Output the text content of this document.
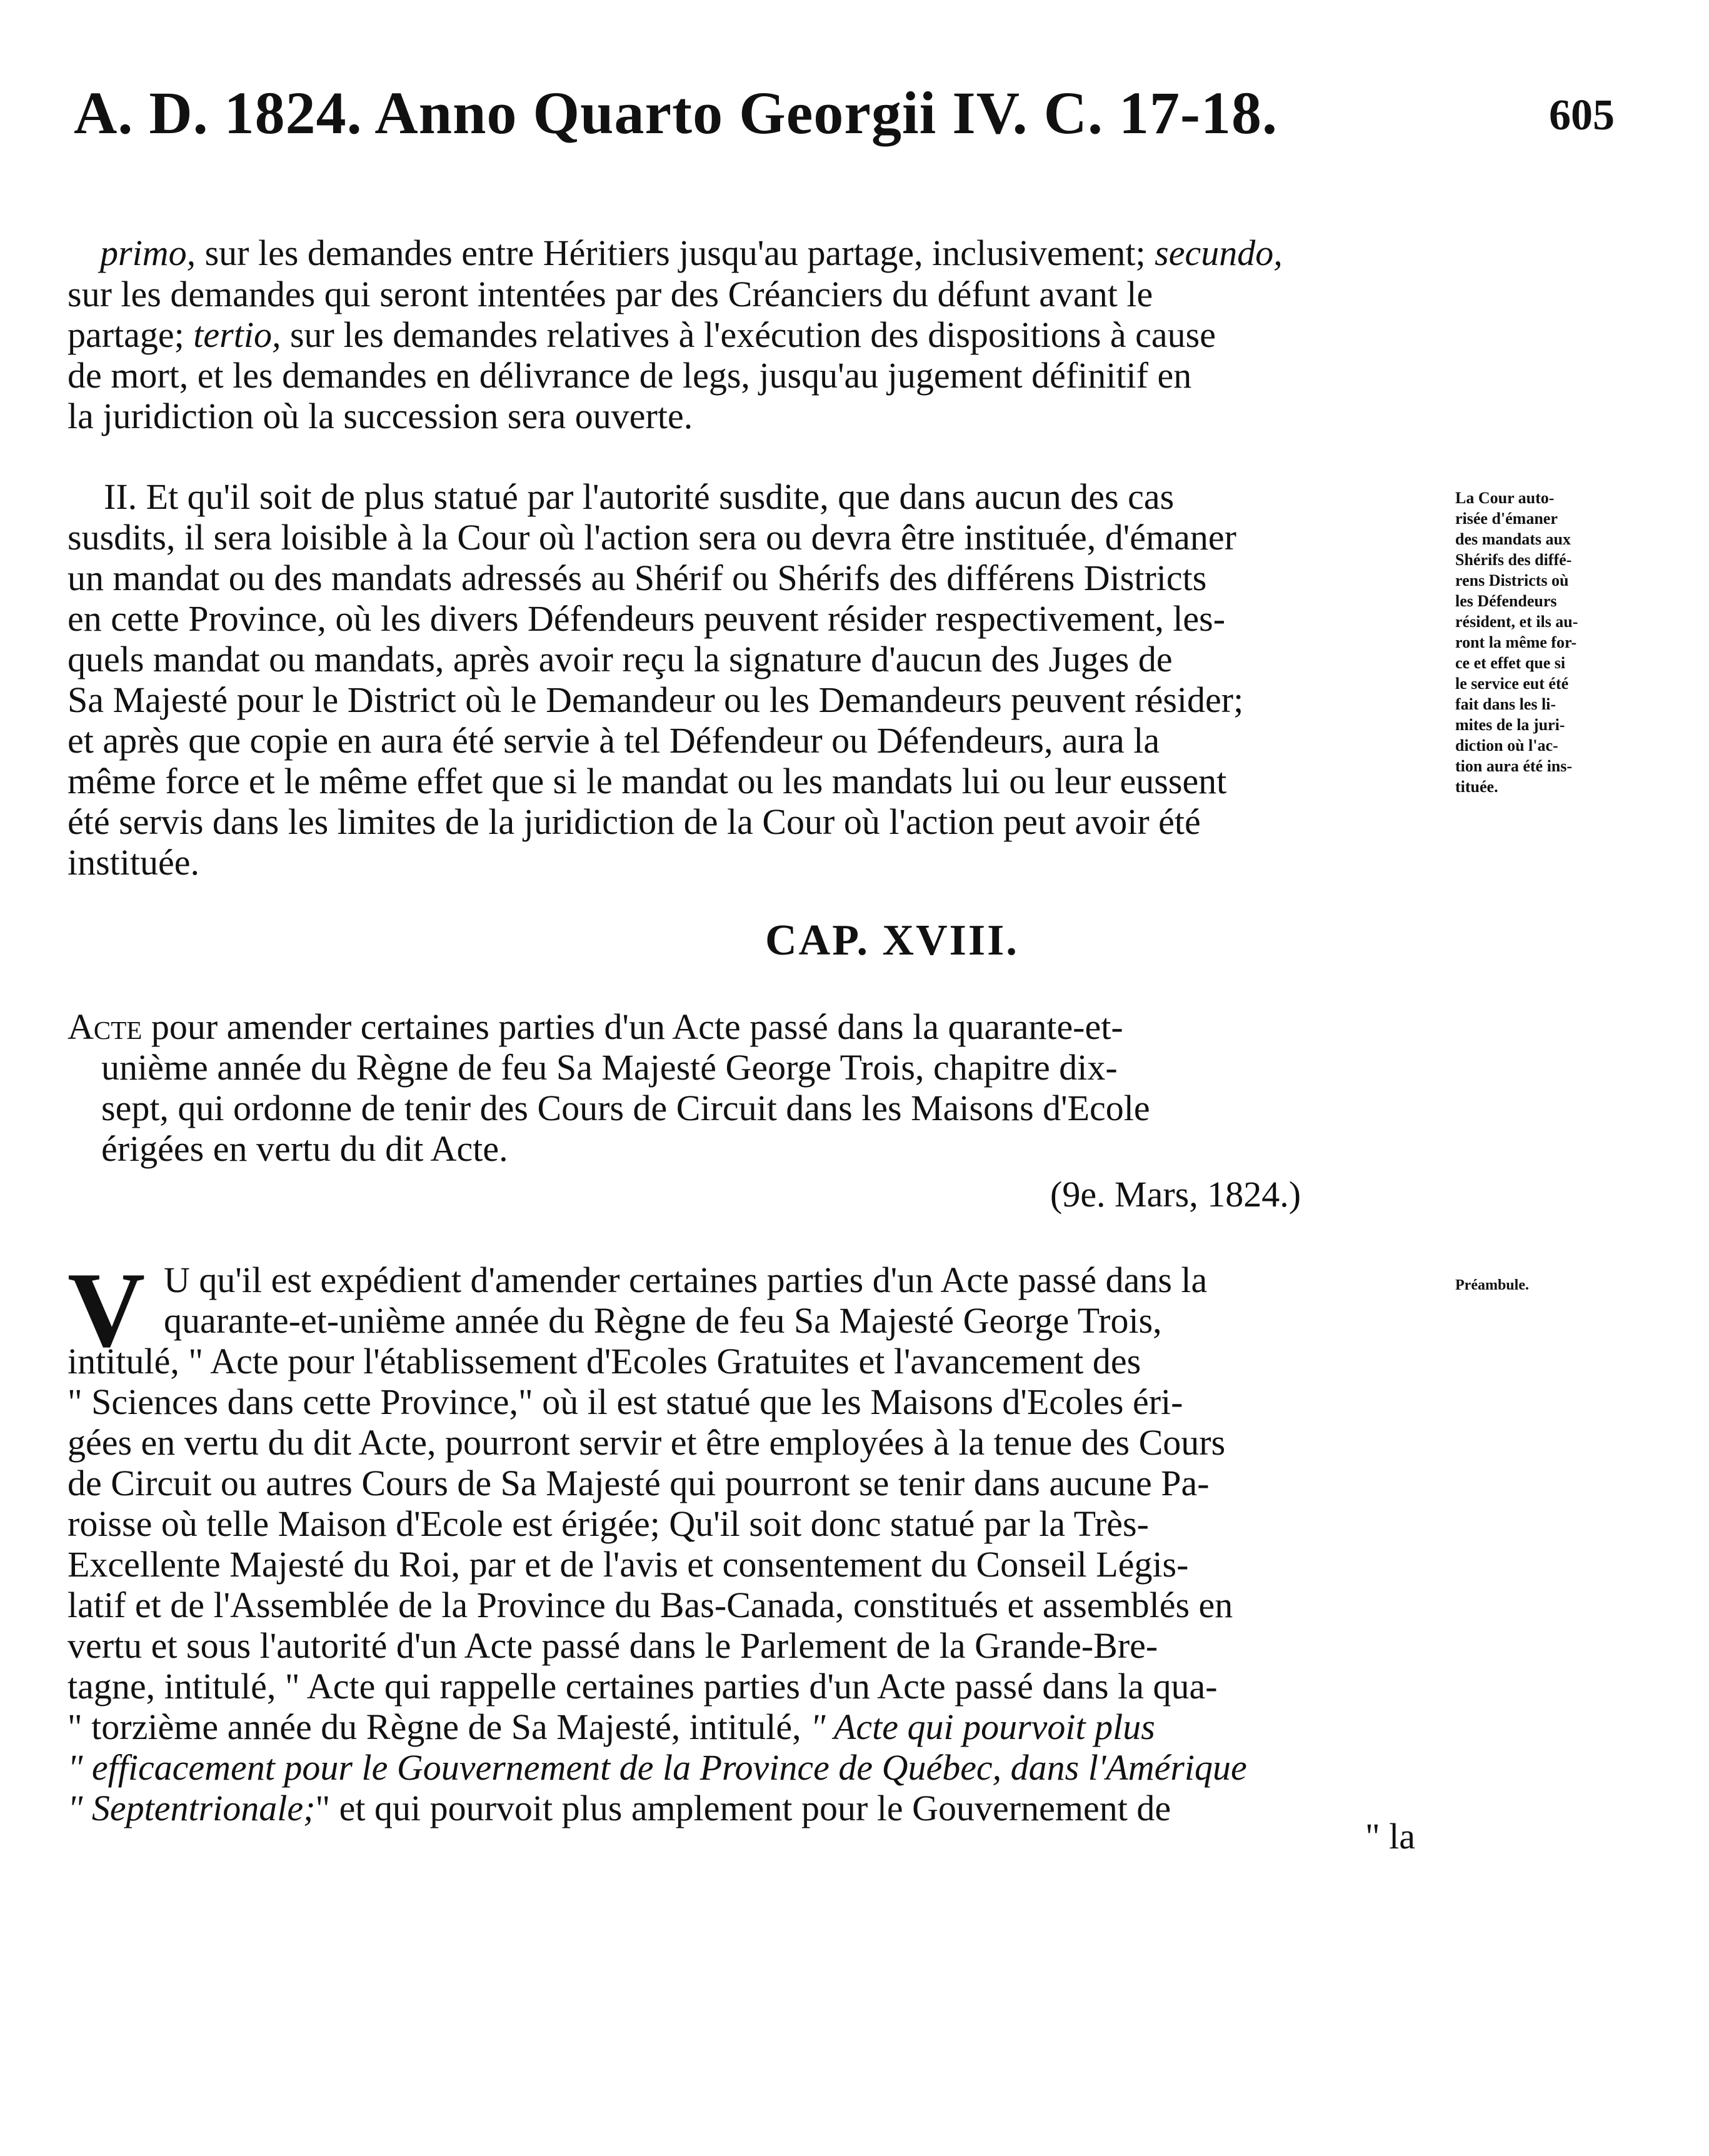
A. D. 1824. Anno Quarto Georgii IV. C. 17-18.	605
primo, sur les demandes entre Héritiers jusqu'au partage, inclusivement; secundo,
sur les demandes qui seront intentées par des Créanciers du défunt avant le
partage; tertio, sur les demandes relatives à l'exécution des dispositions à cause
de mort, et les demandes en délivrance de legs, jusqu'au jugement définitif en
la juridiction où la succession sera ouverte.
II. Et qu'il soit de plus statué par l'autorité susdite, que dans aucun des cas
susdits, il sera loisible à la Cour où l'action sera ou devra être instituée, d'émaner
un mandat ou des mandats adressés au Shérif ou Shérifs des différens Districts
en cette Province, où les divers Défendeurs peuvent résider respectivement, les-
quels mandat ou mandats, après avoir reçu la signature d'aucun des Juges de
Sa Majesté pour le District où le Demandeur ou les Demandeurs peuvent résider;
et après que copie en aura été servie à tel Défendeur ou Défendeurs, aura la
même force et le même effet que si le mandat ou les mandats lui ou leur eussent
été servis dans les limites de la juridiction de la Cour où l'action peut avoir été
instituée.
La Cour auto-
risée d'émaner
des mandats aux
Shérifs des diffé-
rens Districts où
les Défendeurs
résident, et ils au-
ront la même for-
ce et effet que si
le service eut été
fait dans les li-
mites de la juri-
diction où l'ac-
tion aura été ins-
tituée.
CAP. XVIII.
Acte pour amender certaines parties d'un Acte passé dans la quarante-et-
unième année du Règne de feu Sa Majesté George Trois, chapitre dix-
sept, qui ordonne de tenir des Cours de Circuit dans les Maisons d'Ecole
érigées en vertu du dit Acte.
(9e. Mars, 1824.)
Préambule.
V U qu'il est expédient d'amender certaines parties d'un Acte passé dans la
quarante-et-unième année du Règne de feu Sa Majesté George Trois,
intitulé, " Acte pour l'établissement d'Ecoles Gratuites et l'avancement des
" Sciences dans cette Province," où il est statué que les Maisons d'Ecoles éri-
gées en vertu du dit Acte, pourront servir et être employées à la tenue des Cours
de Circuit ou autres Cours de Sa Majesté qui pourront se tenir dans aucune Pa-
roisse où telle Maison d'Ecole est érigée; Qu'il soit donc statué par la Très-
Excellente Majesté du Roi, par et de l'avis et consentement du Conseil Légis-
latif et de l'Assemblée de la Province du Bas-Canada, constitués et assemblés en
vertu et sous l'autorité d'un Acte passé dans le Parlement de la Grande-Bre-
tagne, intitulé, " Acte qui rappelle certaines parties d'un Acte passé dans la qua-
" torzième année du Règne de Sa Majesté, intitulé, " Acte qui pourvoit plus
" efficacement pour le Gouvernement de la Province de Québec, dans l'Amérique
" Septentrionale;" et qui pourvoit plus amplement pour le Gouvernement de
" la
